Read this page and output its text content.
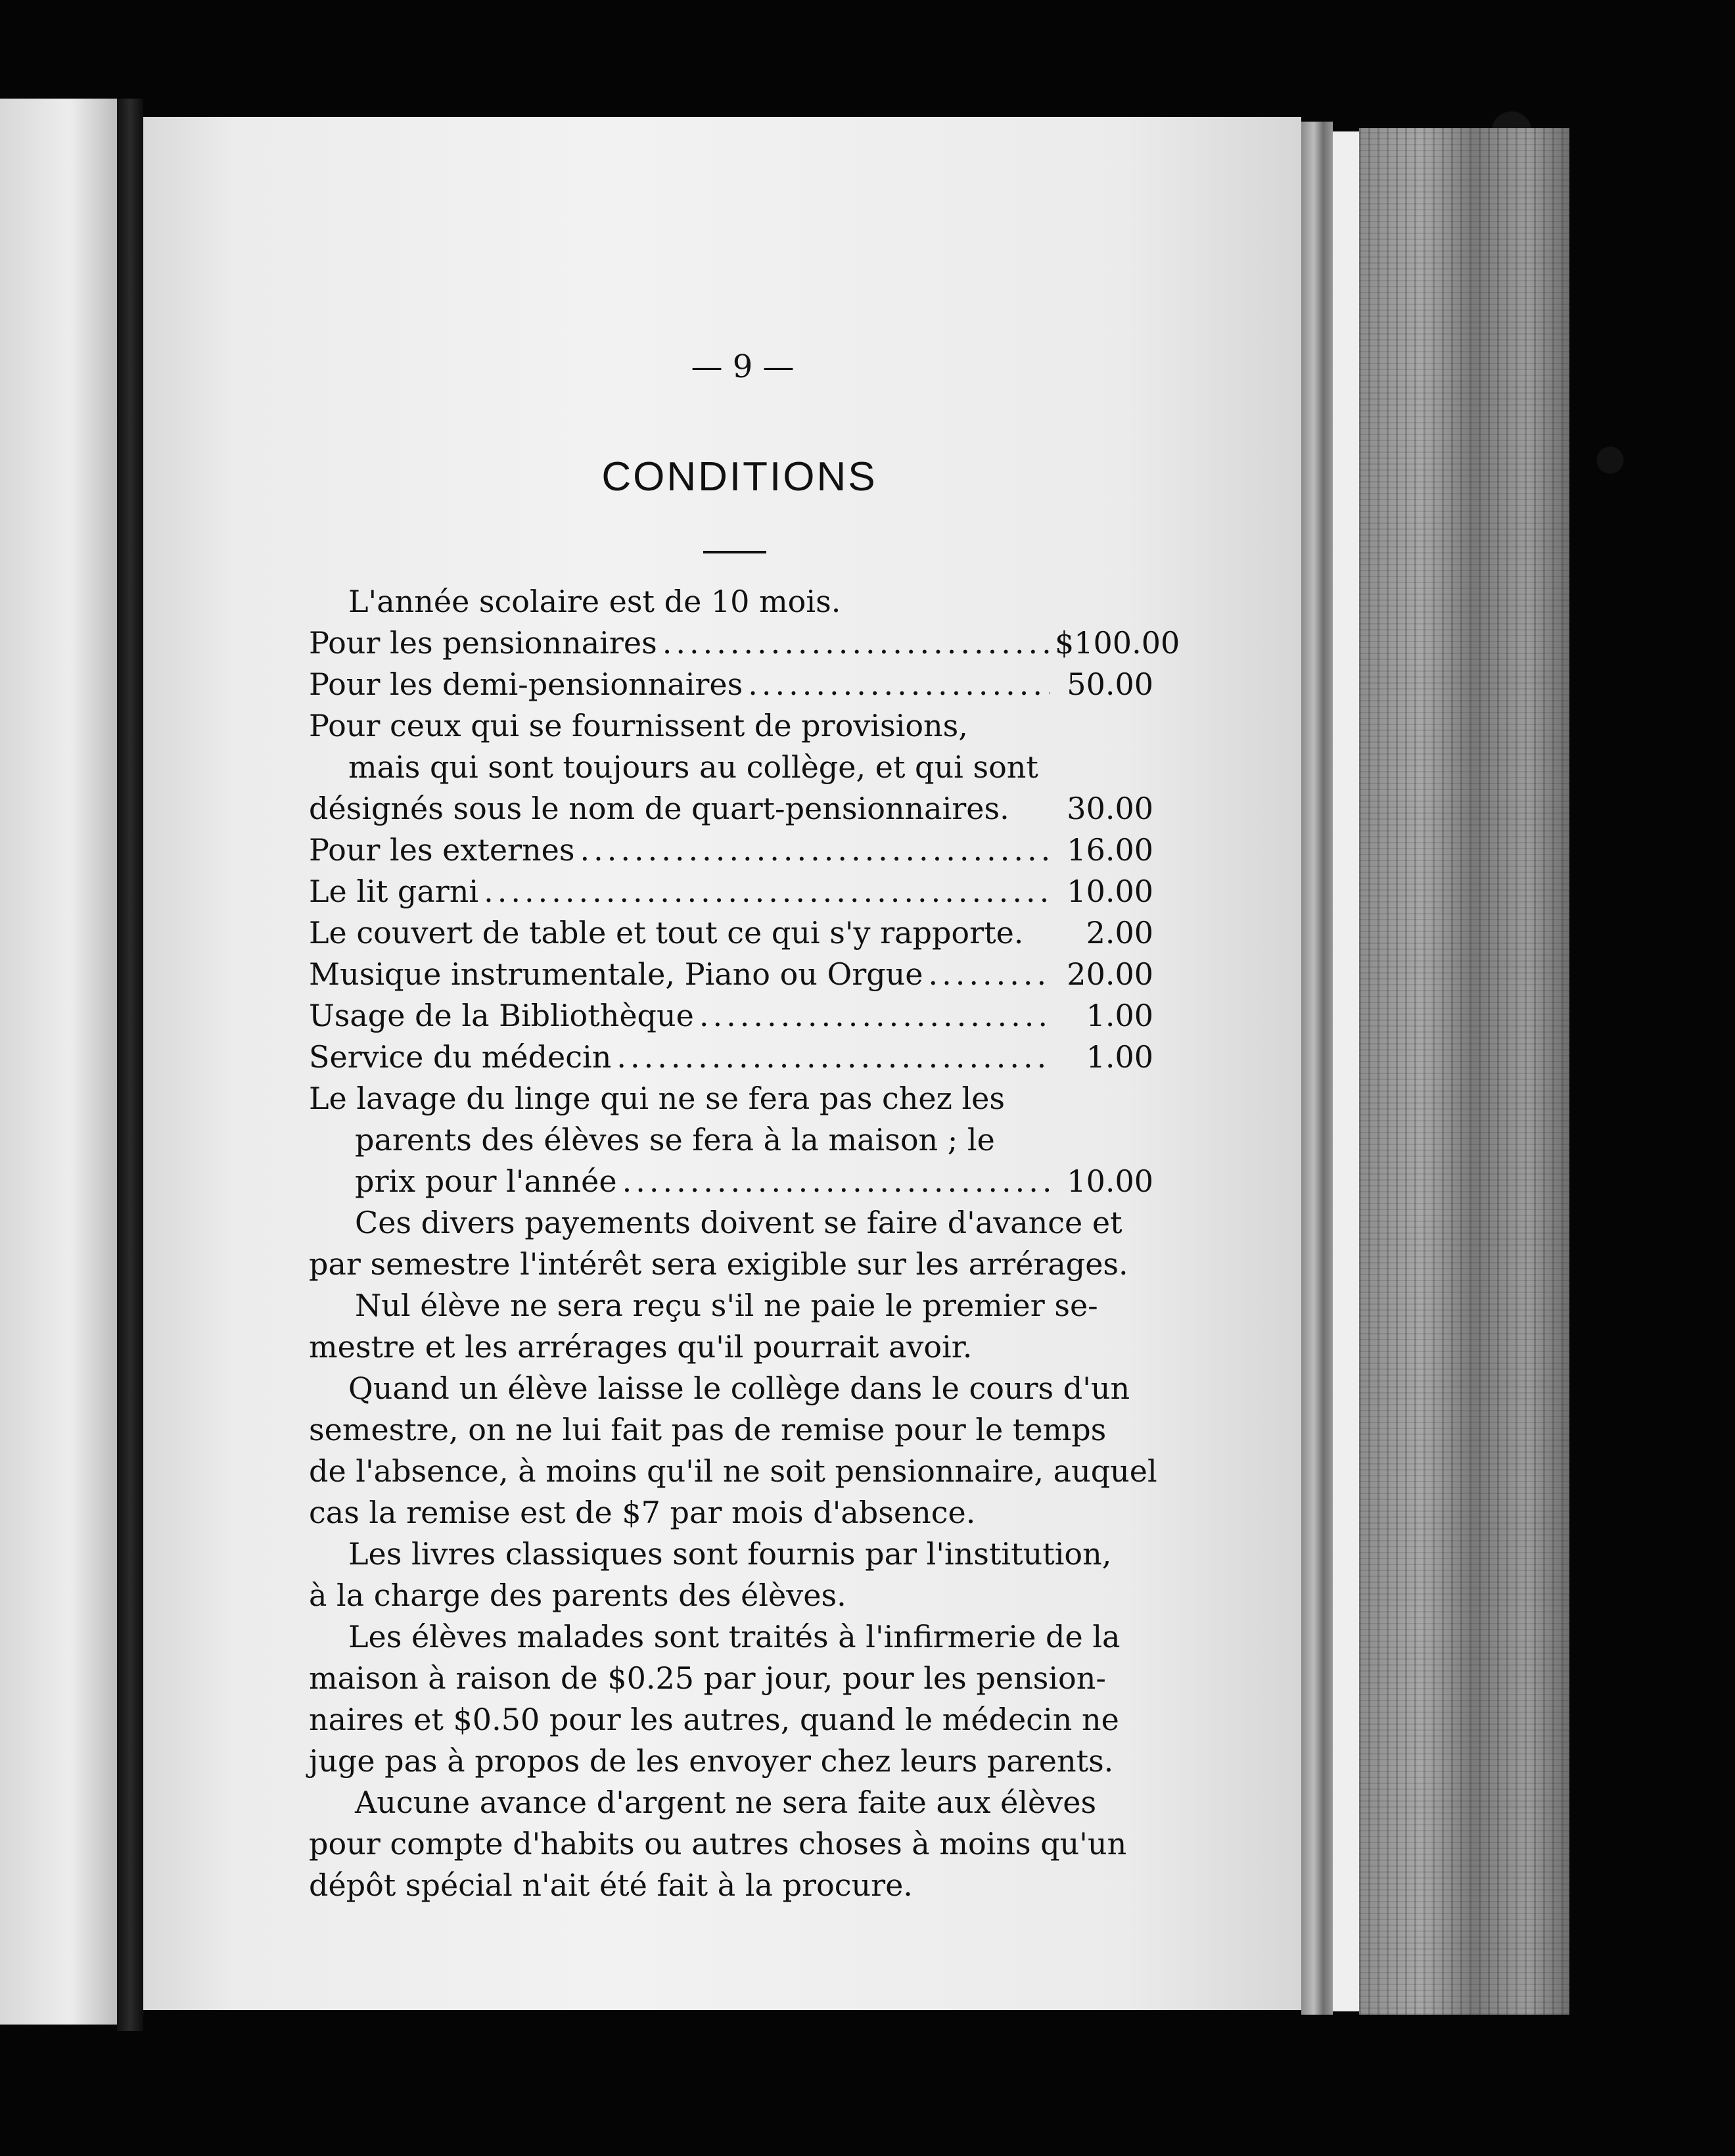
— 9 —
CONDITIONS
L'année scolaire est de 10 mois.
Pour les pensionnaires .....	$100.00
Pour les demi-pensionnaires .....	50.00
Pour ceux qui se fournissent de provisions,
mais qui sont toujours au collège, et qui sont
désignés sous le nom de quart-pensionnaires.	30.00
Pour les externes .....	16.00
Le lit garni .....	10.00
Le couvert de table et tout ce qui s'y rapporte.	2.00
Musique instrumentale, Piano ou Orgue .....	20.00
Usage de la Bibliothèque .....	1.00
Service du médecin .....	1.00
Le lavage du linge qui ne se fera pas chez les
parents des élèves se fera à la maison ; le
prix pour l'année .....	10.00
Ces divers payements doivent se faire d'avance et
par semestre l'intérêt sera exigible sur les arrérages.
Nul élève ne sera reçu s'il ne paie le premier se-
mestre et les arrérages qu'il pourrait avoir.
Quand un élève laisse le collège dans le cours d'un
semestre, on ne lui fait pas de remise pour le temps
de l'absence, à moins qu'il ne soit pensionnaire, auquel
cas la remise est de $7 par mois d'absence.
Les livres classiques sont fournis par l'institution,
à la charge des parents des élèves.
Les élèves malades sont traités à l'infirmerie de la
maison à raison de $0.25 par jour, pour les pension-
naires et $0.50 pour les autres, quand le médecin ne
juge pas à propos de les envoyer chez leurs parents.
Aucune avance d'argent ne sera faite aux élèves
pour compte d'habits ou autres choses à moins qu'un
dépôt spécial n'ait été fait à la procure.
